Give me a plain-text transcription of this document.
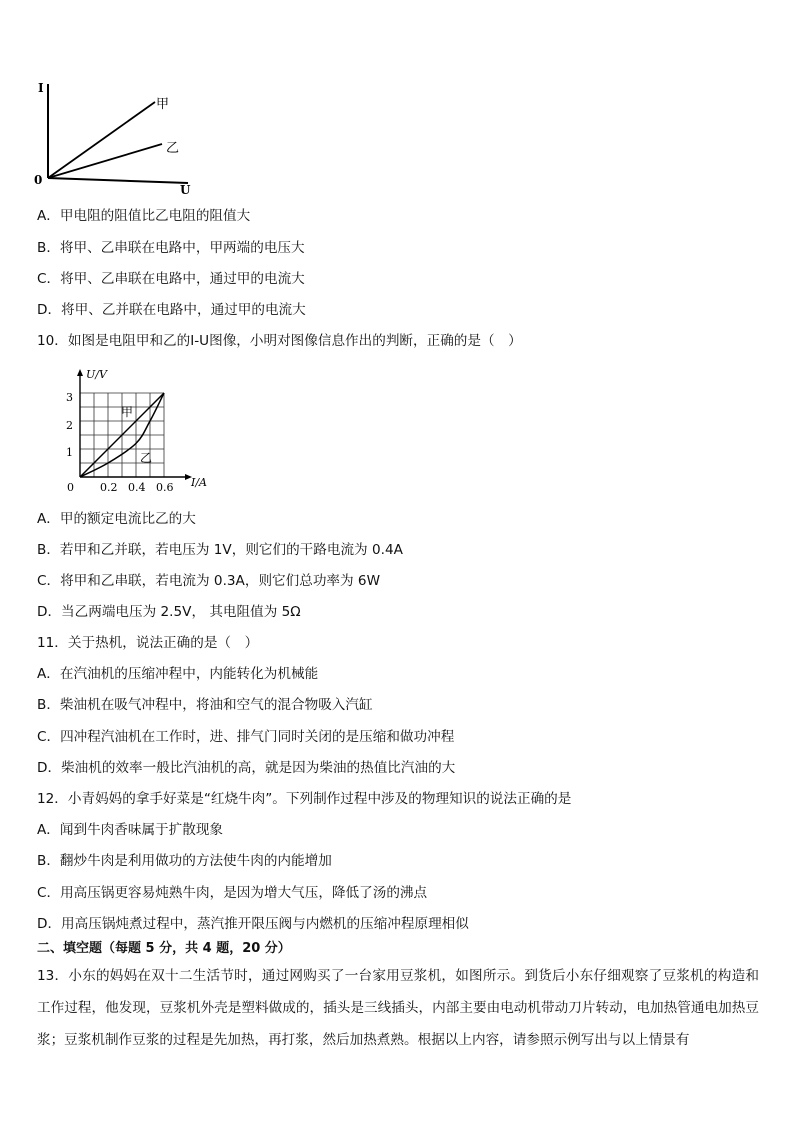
I
U
0
甲
乙
A．甲电阻的阻值比乙电阻的阻值大
B．将甲、乙串联在电路中，甲两端的电压大
C．将甲、乙串联在电路中，通过甲的电流大
D．将甲、乙并联在电路中，通过甲的电流大
10．如图是电阻甲和乙的I-U图像，小明对图像信息作出的判断，正确的是（　）
U/V
I/A
0 0.2 0.4 0.6
1
2
3
甲
乙
A．甲的额定电流比乙的大
B．若甲和乙并联，若电压为 1V，则它们的干路电流为 0.4A
C．将甲和乙串联，若电流为 0.3A，则它们总功率为 6W
D．当乙两端电压为 2.5V， 其电阻值为 5Ω
11．关于热机，说法正确的是（　）
A．在汽油机的压缩冲程中，内能转化为机械能
B．柴油机在吸气冲程中，将油和空气的混合物吸入汽缸
C．四冲程汽油机在工作时，进、排气门同时关闭的是压缩和做功冲程
D．柴油机的效率一般比汽油机的高，就是因为柴油的热值比汽油的大
12．小青妈妈的拿手好菜是“红烧牛肉”。下列制作过程中涉及的物理知识的说法正确的是
A．闻到牛肉香味属于扩散现象
B．翻炒牛肉是利用做功的方法使牛肉的内能增加
C．用高压锅更容易炖熟牛肉，是因为增大气压，降低了汤的沸点
D．用高压锅炖煮过程中，蒸汽推开限压阀与内燃机的压缩冲程原理相似
二、填空题（每题 5 分，共 4 题，20 分）
13．小东的妈妈在双十二生活节时，通过网购买了一台家用豆浆机，如图所示。到货后小东仔细观察了豆浆机的构造和工作过程，他发现，豆浆机外壳是塑料做成的，插头是三线插头，内部主要由电动机带动刀片转动，电加热管通电加热豆浆；豆浆机制作豆浆的过程是先加热，再打浆，然后加热煮熟。根据以上内容，请参照示例写出与以上情景有
